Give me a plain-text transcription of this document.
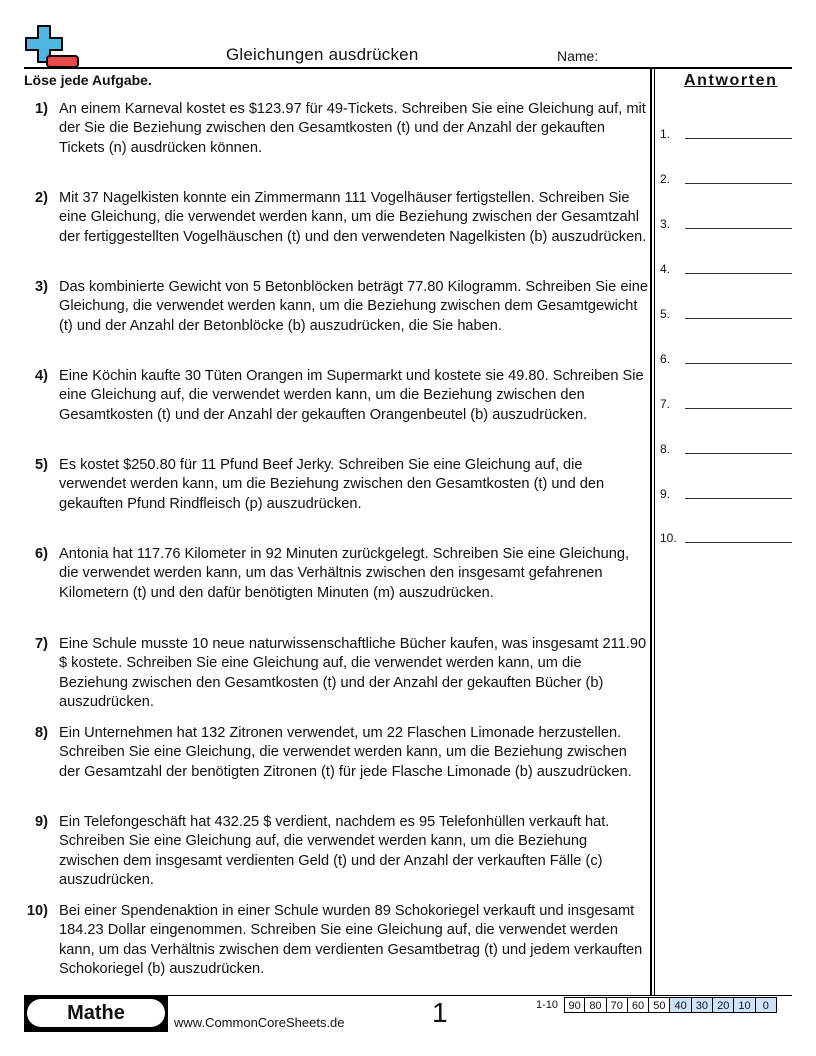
Gleichungen ausdrücken	Name:
Löse jede Aufgabe.	Antworten
1) An einem Karneval kostet es $123.97 für 49-Tickets. Schreiben Sie eine Gleichung auf, mit der Sie die Beziehung zwischen den Gesamtkosten (t) und der Anzahl der gekauften Tickets (n) ausdrücken können.
2) Mit 37 Nagelkisten konnte ein Zimmermann 111 Vogelhäuser fertigstellen. Schreiben Sie eine Gleichung, die verwendet werden kann, um die Beziehung zwischen der Gesamtzahl der fertiggestellten Vogelhäuschen (t) und den verwendeten Nagelkisten (b) auszudrücken.
3) Das kombinierte Gewicht von 5 Betonblöcken beträgt 77.80 Kilogramm. Schreiben Sie eine Gleichung, die verwendet werden kann, um die Beziehung zwischen dem Gesamtgewicht (t) und der Anzahl der Betonblöcke (b) auszudrücken, die Sie haben.
4) Eine Köchin kaufte 30 Tüten Orangen im Supermarkt und kostete sie 49.80. Schreiben Sie eine Gleichung auf, die verwendet werden kann, um die Beziehung zwischen den Gesamtkosten (t) und der Anzahl der gekauften Orangenbeutel (b) auszudrücken.
5) Es kostet $250.80 für 11 Pfund Beef Jerky. Schreiben Sie eine Gleichung auf, die verwendet werden kann, um die Beziehung zwischen den Gesamtkosten (t) und den gekauften Pfund Rindfleisch (p) auszudrücken.
6) Antonia hat 117.76 Kilometer in 92 Minuten zurückgelegt. Schreiben Sie eine Gleichung, die verwendet werden kann, um das Verhältnis zwischen den insgesamt gefahrenen Kilometern (t) und den dafür benötigten Minuten (m) auszudrücken.
7) Eine Schule musste 10 neue naturwissenschaftliche Bücher kaufen, was insgesamt 211.90 $ kostete. Schreiben Sie eine Gleichung auf, die verwendet werden kann, um die Beziehung zwischen den Gesamtkosten (t) und der Anzahl der gekauften Bücher (b) auszudrücken.
8) Ein Unternehmen hat 132 Zitronen verwendet, um 22 Flaschen Limonade herzustellen. Schreiben Sie eine Gleichung, die verwendet werden kann, um die Beziehung zwischen der Gesamtzahl der benötigten Zitronen (t) für jede Flasche Limonade (b) auszudrücken.
9) Ein Telefongeschäft hat 432.25 $ verdient, nachdem es 95 Telefonhüllen verkauft hat. Schreiben Sie eine Gleichung auf, die verwendet werden kann, um die Beziehung zwischen dem insgesamt verdienten Geld (t) und der Anzahl der verkauften Fälle (c) auszudrücken.
10) Bei einer Spendenaktion in einer Schule wurden 89 Schokoriegel verkauft und insgesamt 184.23 Dollar eingenommen. Schreiben Sie eine Gleichung auf, die verwendet werden kann, um das Verhältnis zwischen dem verdienten Gesamtbetrag (t) und jedem verkauften Schokoriegel (b) auszudrücken.
1.
2.
3.
4.
5.
6.
7.
8.
9.
10.
Mathe	www.CommonCoreSheets.de	1	1-10 90 80 70 60 50 40 30 20 10	0
